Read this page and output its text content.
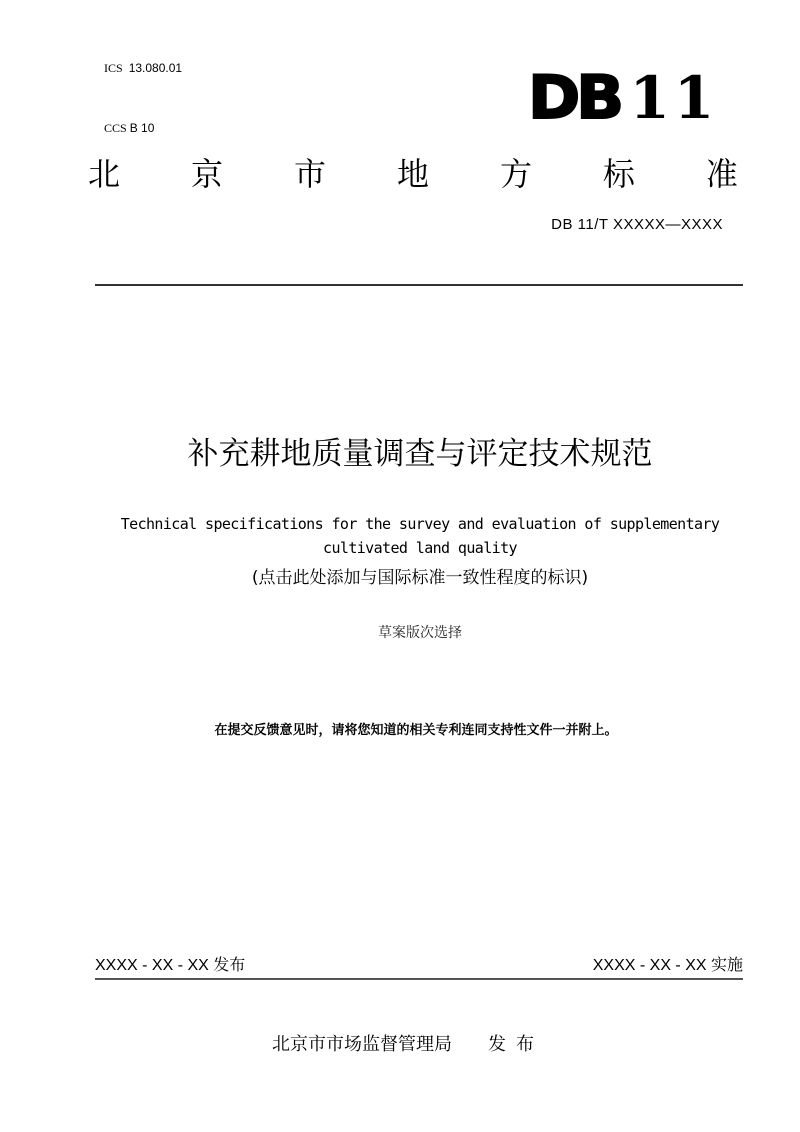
ICS 13.080.01

CCS B 10
	DB 11
北 京 市 地 方 标 准
DB 11/T XXXXX—XXXX
补充耕地质量调查与评定技术规范
Technical specifications for the survey and evaluation of supplementary cultivated land quality
(点击此处添加与国际标准一致性程度的标识)
草案版次选择
在提交反馈意见时，请将您知道的相关专利连同支持性文件一并附上。
XXXX - XX - XX 发布	XXXX - XX - XX 实施
北京市市场监督管理局 发布
